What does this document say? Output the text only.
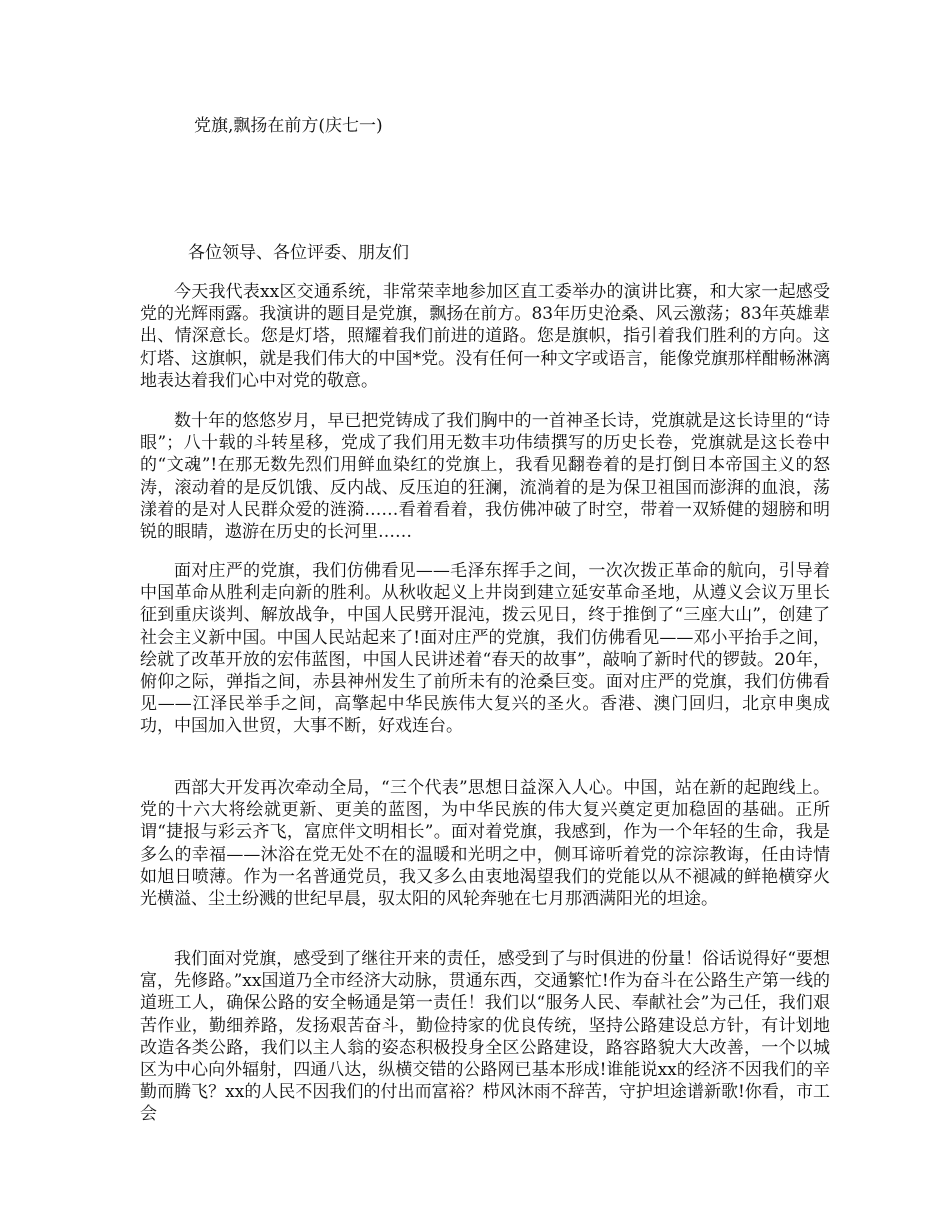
党旗,飘扬在前方(庆七一)
各位领导、各位评委、朋友们

今天我代表xx区交通系统，非常荣幸地参加区直工委举办的演讲比赛，和大家一起感受党的光辉雨露。我演讲的题目是党旗，飘扬在前方。83年历史沧桑、风云激荡；83年英雄辈出、情深意长。您是灯塔，照耀着我们前进的道路。您是旗帜，指引着我们胜利的方向。这灯塔、这旗帜，就是我们伟大的中国*党。没有任何一种文字或语言，能像党旗那样酣畅淋漓地表达着我们心中对党的敬意。

数十年的悠悠岁月，早已把党铸成了我们胸中的一首神圣长诗，党旗就是这长诗里的“诗眼”；八十载的斗转星移，党成了我们用无数丰功伟绩撰写的历史长卷，党旗就是这长卷中的“文魂”!在那无数先烈们用鲜血染红的党旗上，我看见翻卷着的是打倒日本帝国主义的怒涛，滚动着的是反饥饿、反内战、反压迫的狂澜，流淌着的是为保卫祖国而澎湃的血浪，荡漾着的是对人民群众爱的涟漪……看着看着，我仿佛冲破了时空，带着一双矫健的翅膀和明锐的眼睛，遨游在历史的长河里……

面对庄严的党旗，我们仿佛看见——毛泽东挥手之间，一次次拨正革命的航向，引导着中国革命从胜利走向新的胜利。从秋收起义上井岗到建立延安革命圣地，从遵义会议万里长征到重庆谈判、解放战争，中国人民劈开混沌，拨云见日，终于推倒了“三座大山”，创建了社会主义新中国。中国人民站起来了!面对庄严的党旗，我们仿佛看见——邓小平抬手之间，绘就了改革开放的宏伟蓝图，中国人民讲述着“春天的故事”，敲响了新时代的锣鼓。20年，俯仰之际，弹指之间，赤县神州发生了前所未有的沧桑巨变。面对庄严的党旗，我们仿佛看见——江泽民举手之间，高擎起中华民族伟大复兴的圣火。香港、澳门回归，北京申奥成功，中国加入世贸，大事不断，好戏连台。

西部大开发再次牵动全局，“三个代表”思想日益深入人心。中国，站在新的起跑线上。党的十六大将绘就更新、更美的蓝图，为中华民族的伟大复兴奠定更加稳固的基础。正所谓“捷报与彩云齐飞，富庶伴文明相长”。面对着党旗，我感到，作为一个年轻的生命，我是多么的幸福——沐浴在党无处不在的温暖和光明之中，侧耳谛听着党的淙淙教诲，任由诗情如旭日喷薄。作为一名普通党员，我又多么由衷地渴望我们的党能以从不褪减的鲜艳横穿火光横溢、尘土纷溅的世纪早晨，驭太阳的风轮奔驰在七月那洒满阳光的坦途。

我们面对党旗，感受到了继往开来的责任，感受到了与时俱进的份量！俗话说得好“要想富，先修路。”xx国道乃全市经济大动脉，贯通东西，交通繁忙!作为奋斗在公路生产第一线的道班工人，确保公路的安全畅通是第一责任！我们以“服务人民、奉献社会”为己任，我们艰苦作业，勤细养路，发扬艰苦奋斗，勤俭持家的优良传统，坚持公路建设总方针，有计划地改造各类公路，我们以主人翁的姿态积极投身全区公路建设，路容路貌大大改善，一个以城区为中心向外辐射，四通八达，纵横交错的公路网已基本形成!谁能说xx的经济不因我们的辛勤而腾飞？xx的人民不因我们的付出而富裕？栉风沐雨不辞苦，守护坦途谱新歌!你看，市工会
